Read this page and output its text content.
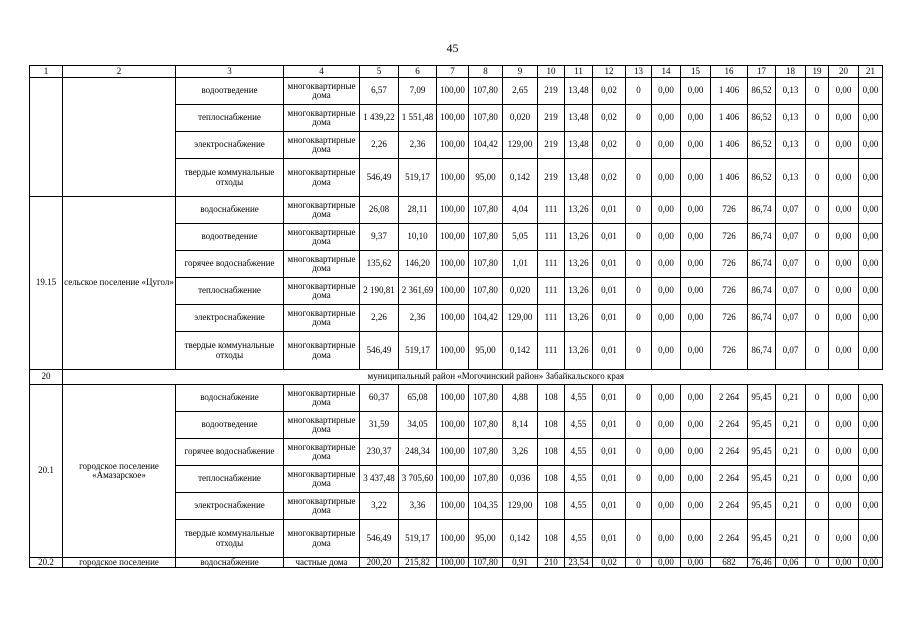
45
1	2	3	4	5	6	7	8	9	10	11	12	13	14	15	16	17	18	19	20	21
		водоотведение	многоквартирные дома	6,57	7,09	100,00	107,80	2,65	219	13,48	0,02	0	0,00	0,00	1 406	86,52	0,13	0	0,00	0,00
		теплоснабжение	многоквартирные дома	1 439,22	1 551,48	100,00	107,80	0,020	219	13,48	0,02	0	0,00	0,00	1 406	86,52	0,13	0	0,00	0,00
		электроснабжение	многоквартирные дома	2,26	2,36	100,00	104,42	129,00	219	13,48	0,02	0	0,00	0,00	1 406	86,52	0,13	0	0,00	0,00
		твердые коммунальные отходы	многоквартирные дома	546,49	519,17	100,00	95,00	0,142	219	13,48	0,02	0	0,00	0,00	1 406	86,52	0,13	0	0,00	0,00
19.15	сельское поселение «Цугол»	водоснабжение	многоквартирные дома	26,08	28,11	100,00	107,80	4,04	111	13,26	0,01	0	0,00	0,00	726	86,74	0,07	0	0,00	0,00
		водоотведение	многоквартирные дома	9,37	10,10	100,00	107,80	5,05	111	13,26	0,01	0	0,00	0,00	726	86,74	0,07	0	0,00	0,00
		горячее водоснабжение	многоквартирные дома	135,62	146,20	100,00	107,80	1,01	111	13,26	0,01	0	0,00	0,00	726	86,74	0,07	0	0,00	0,00
		теплоснабжение	многоквартирные дома	2 190,81	2 361,69	100,00	107,80	0,020	111	13,26	0,01	0	0,00	0,00	726	86,74	0,07	0	0,00	0,00
		электроснабжение	многоквартирные дома	2,26	2,36	100,00	104,42	129,00	111	13,26	0,01	0	0,00	0,00	726	86,74	0,07	0	0,00	0,00
		твердые коммунальные отходы	многоквартирные дома	546,49	519,17	100,00	95,00	0,142	111	13,26	0,01	0	0,00	0,00	726	86,74	0,07	0	0,00	0,00
20				муниципальный район «Могочинский район» Забайкальского края																
20.1	городское поселение «Амазарское»	водоснабжение	многоквартирные дома	60,37	65,08	100,00	107,80	4,88	108	4,55	0,01	0	0,00	0,00	2 264	95,45	0,21	0	0,00	0,00
		водоотведение	многоквартирные дома	31,59	34,05	100,00	107,80	8,14	108	4,55	0,01	0	0,00	0,00	2 264	95,45	0,21	0	0,00	0,00
		горячее водоснабжение	многоквартирные дома	230,37	248,34	100,00	107,80	3,26	108	4,55	0,01	0	0,00	0,00	2 264	95,45	0,21	0	0,00	0,00
		теплоснабжение	многоквартирные дома	3 437,48	3 705,60	100,00	107,80	0,036	108	4,55	0,01	0	0,00	0,00	2 264	95,45	0,21	0	0,00	0,00
		электроснабжение	многоквартирные дома	3,22	3,36	100,00	104,35	129,00	108	4,55	0,01	0	0,00	0,00	2 264	95,45	0,21	0	0,00	0,00
		твердые коммунальные отходы	многоквартирные дома	546,49	519,17	100,00	95,00	0,142	108	4,55	0,01	0	0,00	0,00	2 264	95,45	0,21	0	0,00	0,00
20.2	городское поселение	водоснабжение	частные дома	200,20	215,82	100,00	107,80	0,91	210	23,54	0,02	0	0,00	0,00	682	76,46	0,06	0	0,00	0,00
